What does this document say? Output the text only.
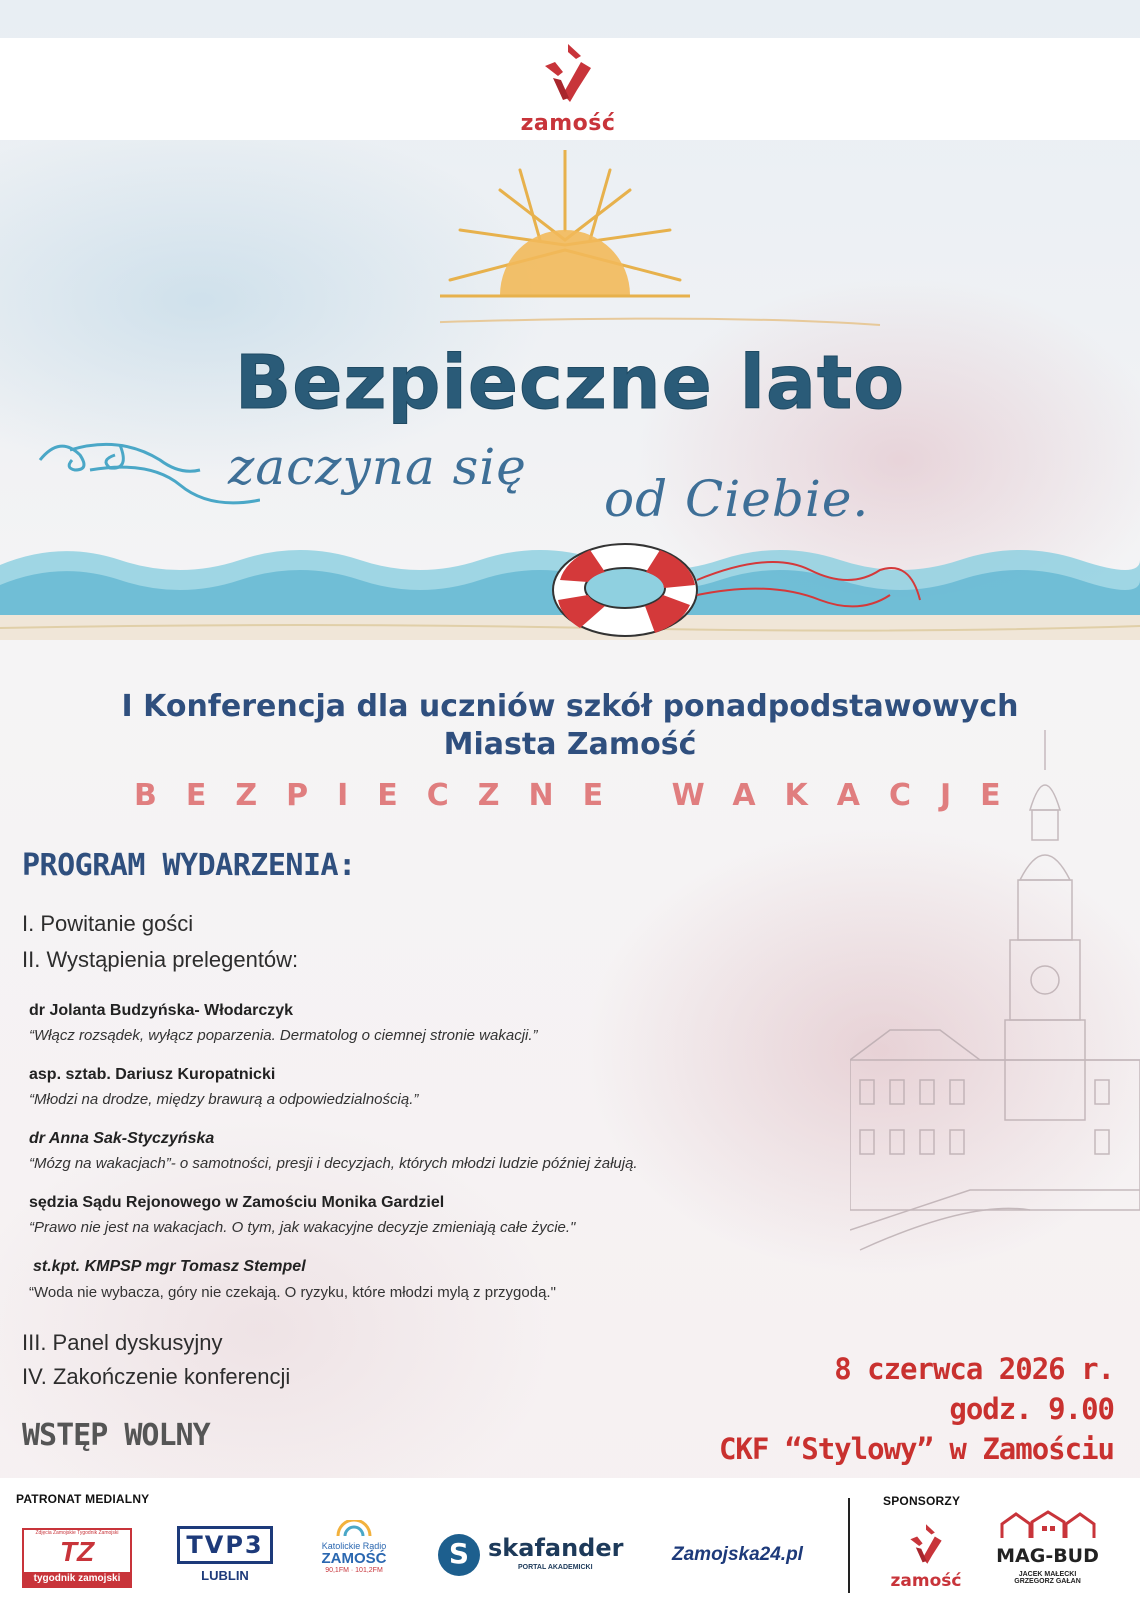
zamość
Bezpieczne lato
zaczyna się
od Ciebie.
I Konferencja dla uczniów szkół ponadpodstawowych
Miasta Zamość
BEZPIECZNE WAKACJE
PROGRAM WYDARZENIA:
I. Powitanie gości
II. Wystąpienia prelegentów:
dr Jolanta Budzyńska- Włodarczyk
“Włącz rozsądek, wyłącz poparzenia. Dermatolog o ciemnej stronie wakacji.”
asp. sztab. Dariusz Kuropatnicki
“Młodzi na drodze, między brawurą a odpowiedzialnością.”
dr Anna Sak-Styczyńska
“Mózg na wakacjach”- o samotności, presji i decyzjach, których młodzi ludzie później żałują.
sędzia Sądu Rejonowego w Zamościu Monika Gardziel
“Prawo nie jest na wakacjach. O tym, jak wakacyjne decyzje zmieniają całe życie."
st.kpt. KMPSP mgr Tomasz Stempel
“Woda nie wybacza, góry nie czekają. O ryzyku, które młodzi mylą z przygodą."
III. Panel dyskusyjny
IV. Zakończenie konferencji	8 czerwca 2026 r.
godz. 9.00
CKF “Stylowy” w Zamościu
WSTĘP WOLNY
PATRONAT MEDIALNY	SPONSORZY
Zdjęcia Zamojskie Tygodnik Zamojski
TZ
tygodnik zamojski
TVP3
LUBLIN
Katolickie Radio
ZAMOŚĆ
90,1FM · 101,2FM
S skafander
PORTAL AKADEMICKI
Zamojska24.pl
zamość
MAG-BUD
JACEK MAŁECKI
GRZEGORZ GAŁAN
